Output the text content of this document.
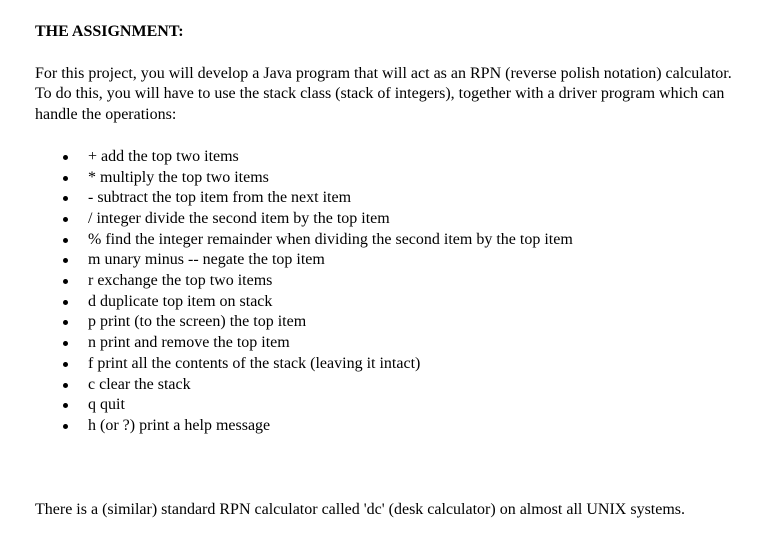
THE ASSIGNMENT:

For this project, you will develop a Java program that will act as an RPN (reverse polish notation) calculator. To do this, you will have to use the stack class (stack of integers), together with a driver program which can handle the operations:

+ add the top two items
* multiply the top two items
- subtract the top item from the next item
/ integer divide the second item by the top item
% find the integer remainder when dividing the second item by the top item
m unary minus -- negate the top item
r exchange the top two items
d duplicate top item on stack
p print (to the screen) the top item
n print and remove the top item
f print all the contents of the stack (leaving it intact)
c clear the stack
q quit
h (or ?) print a help message

There is a (similar) standard RPN calculator called 'dc' (desk calculator) on almost all UNIX systems.
